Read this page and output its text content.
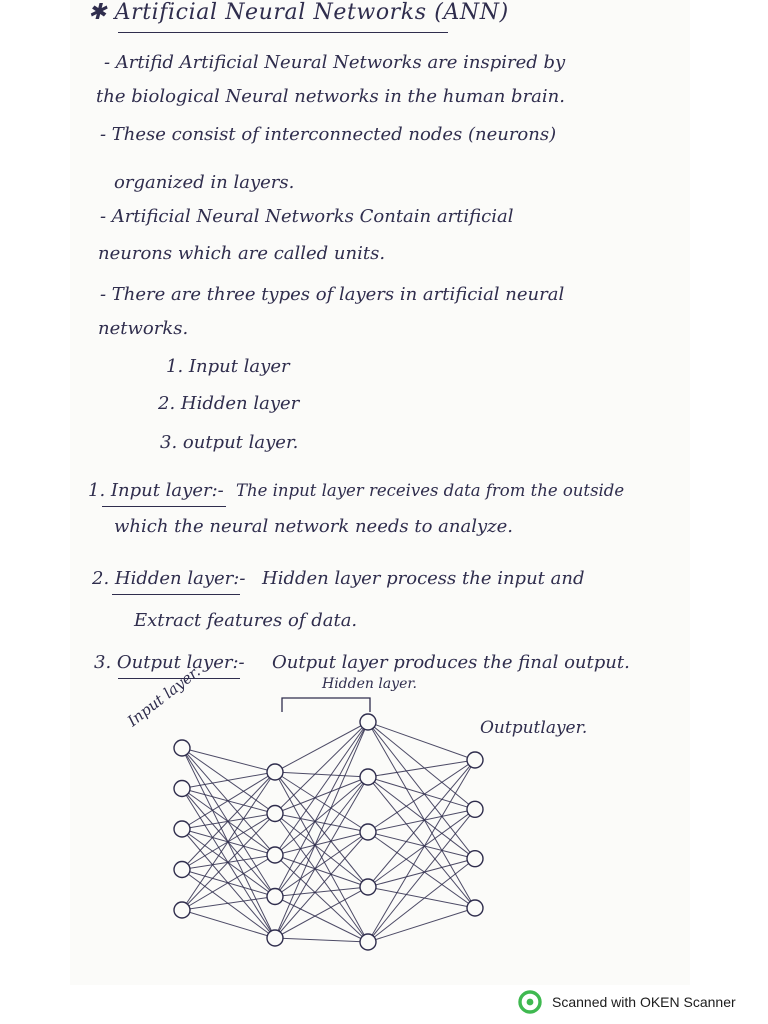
✱ Artificial Neural Networks (ANN)

- Artifid Artificial Neural Networks are inspired by

the biological Neural networks in the human brain.

- These consist of interconnected nodes (neurons)

organized in layers.

- Artificial Neural Networks Contain artificial

neurons which are called units.

- There are three types of layers in artificial neural

networks.

1. Input layer

2. Hidden layer

3. output layer.

1. Input layer:- The input layer receives data from the outside

which the neural network needs to analyze.

2. Hidden layer:- Hidden layer process the input and

Extract features of data.

3. Output layer:- Output layer produces the final output.

Input layer.	Hidden layer.

Outputlayer.

Scanned with OKEN Scanner
